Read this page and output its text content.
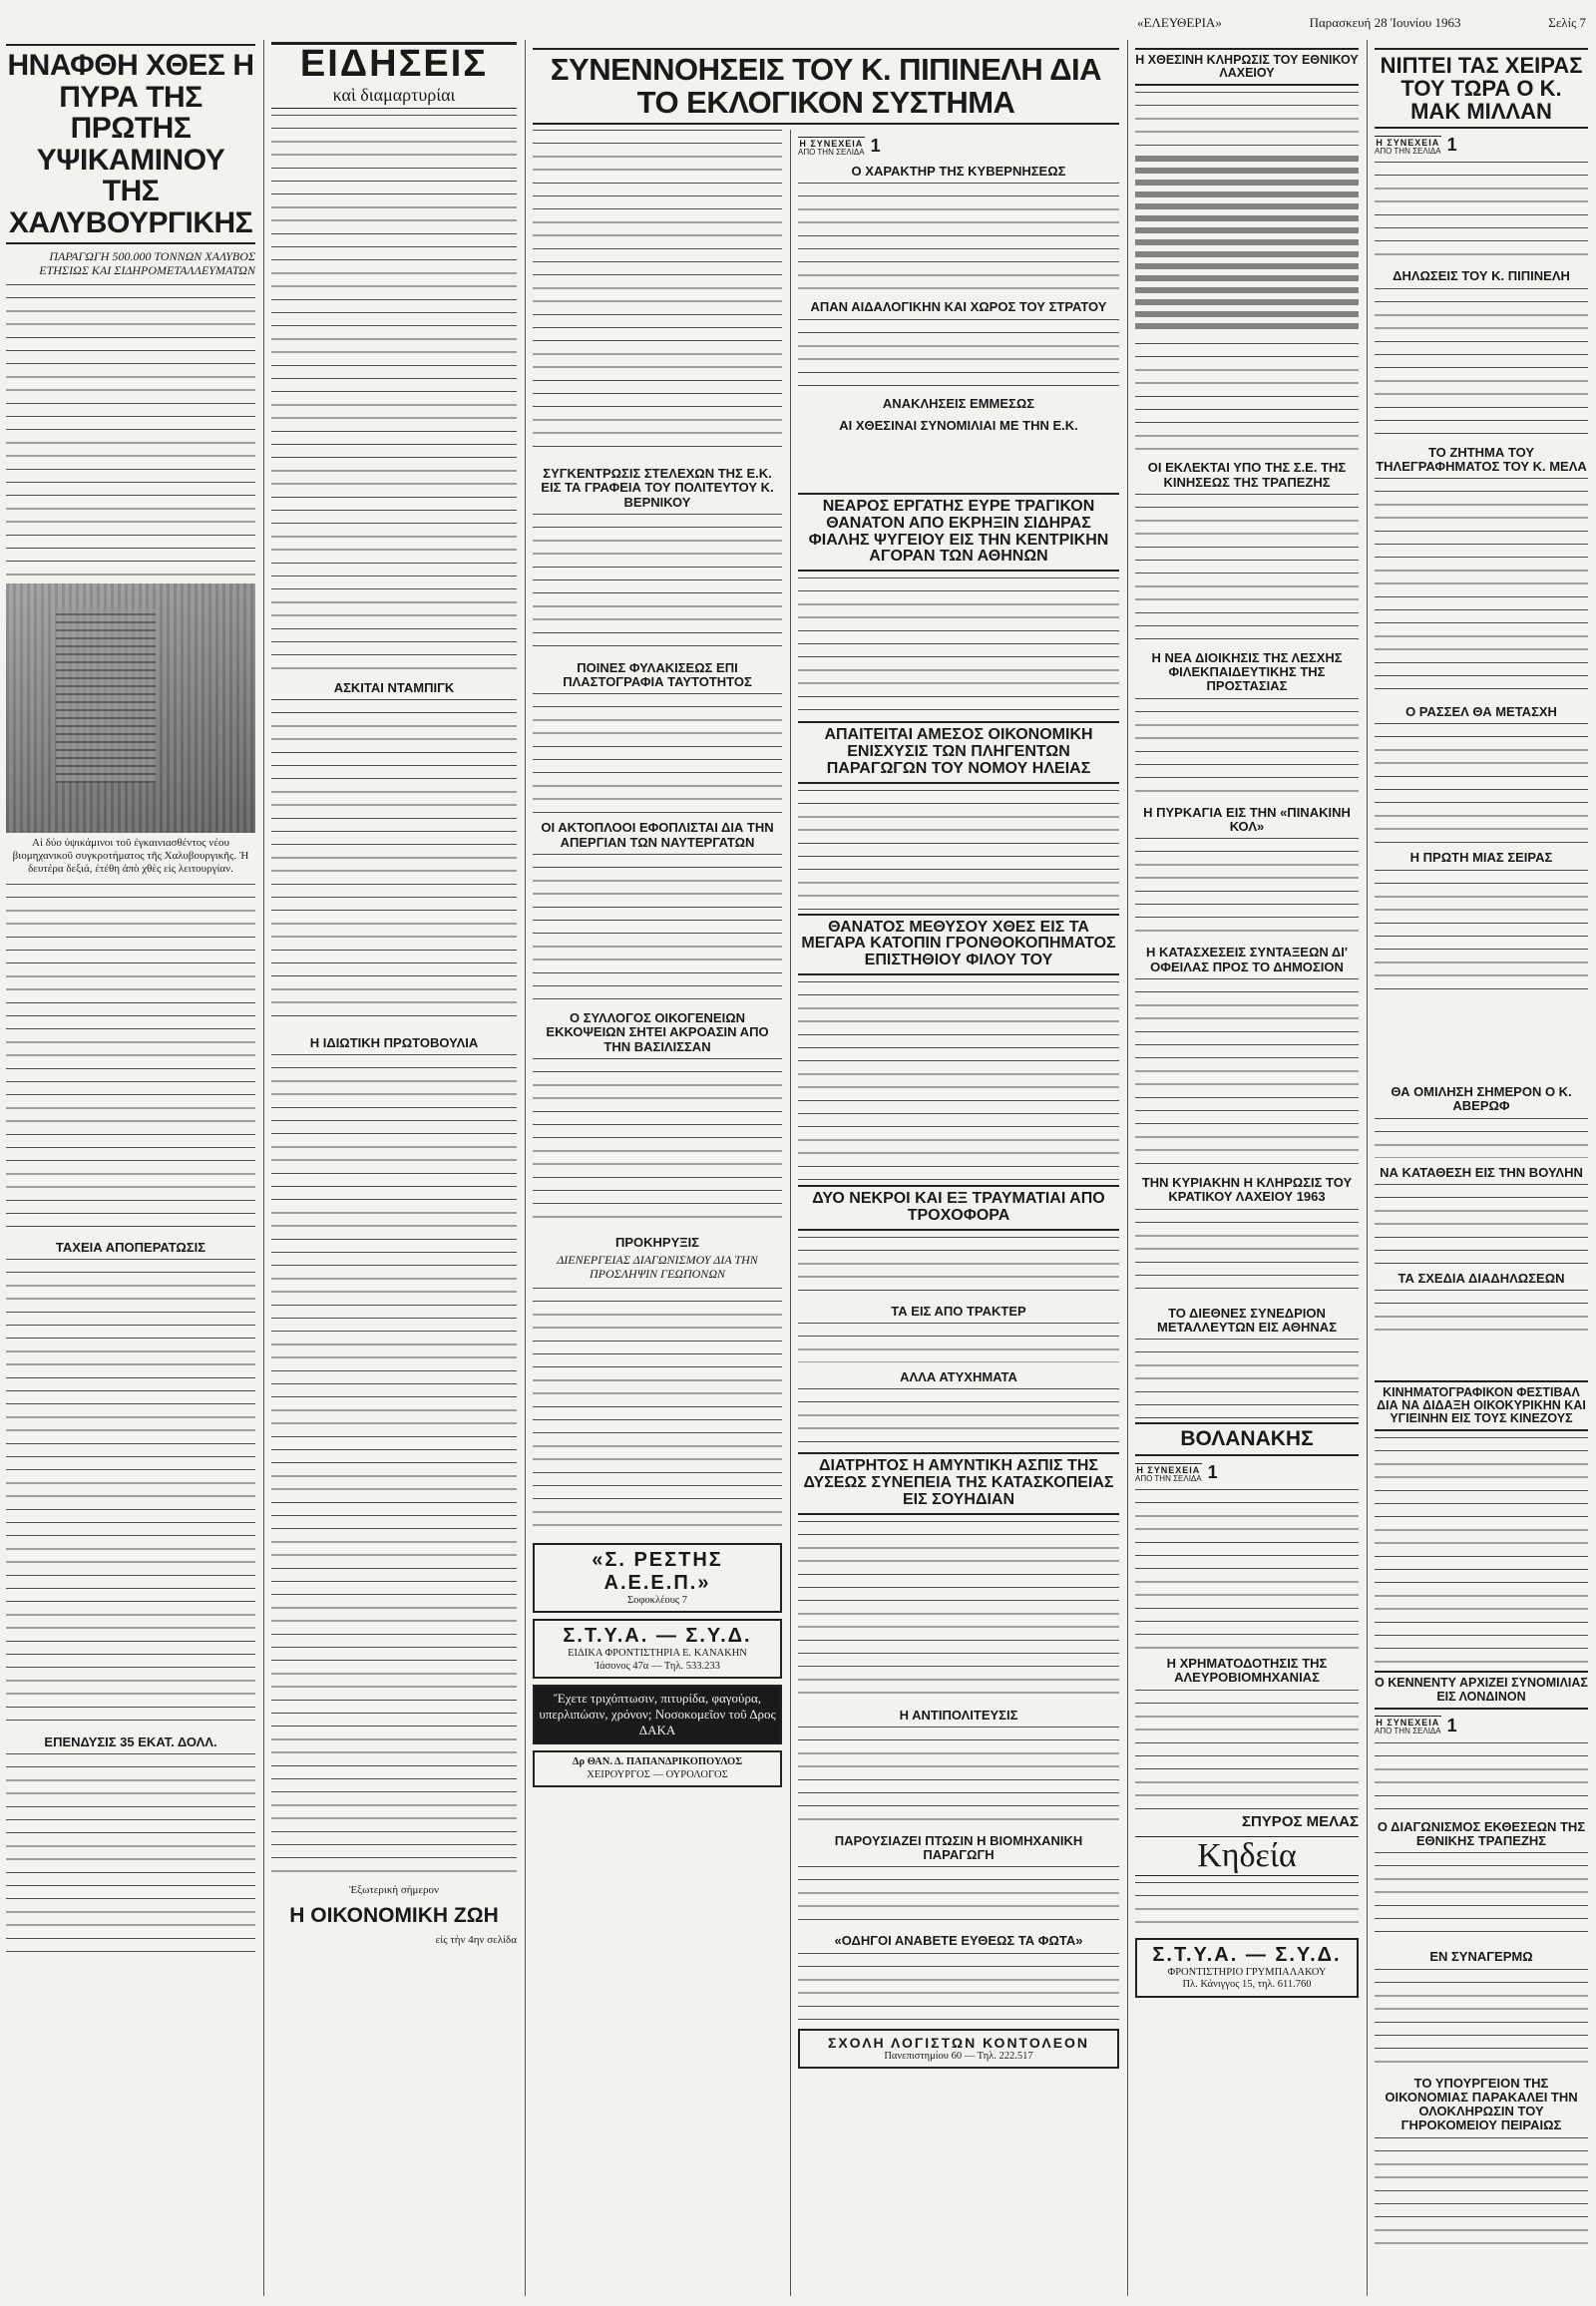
«ΕΛΕΥΘΕΡΙΑ»	Παρασκευή 28 Ἰουνίου 1963	Σελίς 7
ΗΝΑΦΘΗ ΧΘΕΣ Η ΠΥΡΑ ΤΗΣ ΠΡΩΤΗΣ ΥΨΙΚΑΜΙΝΟΥ ΤΗΣ ΧΑΛΥΒΟΥΡΓΙΚΗΣ
ΠΑΡΑΓΩΓΗ 500.000 ΤΟΝΝΩΝ ΧΑΛΥΒΟΣ ΕΤΗΣΙΩΣ ΚΑΙ ΣΙΔΗΡΟΜΕΤΑΛΛΕΥΜΑΤΩΝ
Αἱ δύο ὑψικάμινοι τοῦ ἐγκαινιασθέντος νέου βιομηχανικοῦ συγκροτήματος τῆς Χαλυβουργικῆς. Ἡ δευτέρα δεξιά, ἐτέθη ἀπὸ χθὲς εἰς λειτουργίαν.
ΤΑΧΕΙΑ ΑΠΟΠΕΡΑΤΩΣΙΣ
ΕΠΕΝΔΥΣΙΣ 35 ΕΚΑΤ. ΔΟΛΛ.
ΕΙΔΗΣΕΙΣ
καὶ διαμαρτυρίαι
ΑΣΚΙΤΑΙ ΝΤΑΜΠΙΓΚ
Η ΙΔΙΩΤΙΚΗ ΠΡΩΤΟΒΟΥΛΙΑ
Ἐξωτερικὴ σήμερον
Η ΟΙΚΟΝΟΜΙΚΗ ΖΩΗ
εἰς τὴν 4ην σελίδα
ΣΥΓΚΕΝΤΡΩΣΙΣ ΣΤΕΛΕΧΩΝ ΤΗΣ Ε.Κ. ΕΙΣ ΤΑ ΓΡΑΦΕΙΑ ΤΟΥ ΠΟΛΙΤΕΥΤΟΥ Κ. ΒΕΡΝΙΚΟΥ
ΠΟΙΝΕΣ ΦΥΛΑΚΙΣΕΩΣ ΕΠΙ ΠΛΑΣΤΟΓΡΑΦΙΑ ΤΑΥΤΟΤΗΤΟΣ
ΟΙ ΑΚΤΟΠΛΟΟΙ ΕΦΟΠΛΙΣΤΑΙ ΔΙΑ ΤΗΝ ΑΠΕΡΓΙΑΝ ΤΩΝ ΝΑΥΤΕΡΓΑΤΩΝ
Ο ΣΥΛΛΟΓΟΣ ΟΙΚΟΓΕΝΕΙΩΝ ΕΚΚΟΨΕΙΩΝ ΣΗΤΕΙ ΑΚΡΟΑΣΙΝ ΑΠΟ ΤΗΝ ΒΑΣΙΛΙΣΣΑΝ
ΠΡΟΚΗΡΥΞΙΣ
ΔΙΕΝΕΡΓΕΙΑΣ ΔΙΑΓΩΝΙΣΜΟΥ ΔΙΑ ΤΗΝ ΠΡΟΣΛΗΨΙΝ ΓΕΩΠΟΝΩΝ
«Σ. ΡΕΣΤΗΣ Α.Ε.Ε.Π.»
Σοφοκλέους 7
Σ.Τ.Υ.Α. — Σ.Υ.Δ.
ΕΙΔΙΚΑ ΦΡΟΝΤΙΣΤΗΡΙΑ Ε. ΚΑΝΑΚΗΝ
Ἰάσονος 47α — Τηλ. 533.233
Ἔχετε τριχόπτωσιν, πιτυρίδα, φαγούρα, υπερλιπώσιν, χρόνον; Νοσοκομεῖον τοῦ Δρος ΔΑΚΑ
Δρ ΘΑΝ. Δ. ΠΑΠΑΝΔΡΙΚΟΠΟΥΛΟΣ
ΧΕΙΡΟΥΡΓΟΣ — ΟΥΡΟΛΟΓΟΣ
ΣΥΝΕΝΝΟΗΣΕΙΣ ΤΟΥ Κ. ΠΙΠΙΝΕΛΗ ΔΙΑ ΤΟ ΕΚΛΟΓΙΚΟΝ ΣΥΣΤΗΜΑ
Η ΣΥΝΕΧΕΙΑ
ΑΠΟ ΤΗΝ ΣΕΛΙΔΑ 1
Ο ΧΑΡΑΚΤΗΡ ΤΗΣ ΚΥΒΕΡΝΗΣΕΩΣ
ΑΠΑΝ ΑΙΔΑΛΟΓΙΚΗΝ ΚΑΙ ΧΩΡΟΣ ΤΟΥ ΣΤΡΑΤΟΥ
ΑΝΑΚΛΗΣΕΙΣ ΕΜΜΕΣΩΣ
ΑΙ ΧΘΕΣΙΝΑΙ ΣΥΝΟΜΙΛΙΑΙ ΜΕ ΤΗΝ Ε.Κ.
ΝΕΑΡΟΣ ΕΡΓΑΤΗΣ ΕΥΡΕ ΤΡΑΓΙΚΟΝ ΘΑΝΑΤΟΝ ΑΠΟ ΕΚΡΗΞΙΝ ΣΙΔΗΡΑΣ ΦΙΑΛΗΣ ΨΥΓΕΙΟΥ ΕΙΣ ΤΗΝ ΚΕΝΤΡΙΚΗΝ ΑΓΟΡΑΝ ΤΩΝ ΑΘΗΝΩΝ
ΑΠΑΙΤΕΙΤΑΙ ΑΜΕΣΟΣ ΟΙΚΟΝΟΜΙΚΗ ΕΝΙΣΧΥΣΙΣ ΤΩΝ ΠΛΗΓΕΝΤΩΝ ΠΑΡΑΓΩΓΩΝ ΤΟΥ ΝΟΜΟΥ ΗΛΕΙΑΣ
ΘΑΝΑΤΟΣ ΜΕΘΥΣΟΥ ΧΘΕΣ ΕΙΣ ΤΑ ΜΕΓΑΡΑ ΚΑΤΟΠΙΝ ΓΡΟΝΘΟΚΟΠΗΜΑΤΟΣ ΕΠΙΣΤΗΘΙΟΥ ΦΙΛΟΥ ΤΟΥ
ΔΥΟ ΝΕΚΡΟΙ ΚΑΙ ΕΞ ΤΡΑΥΜΑΤΙΑΙ ΑΠΟ ΤΡΟΧΟΦΟΡΑ
ΤΑ ΕΙΣ ΑΠΟ ΤΡΑΚΤΕΡ
ΑΛΛΑ ΑΤΥΧΗΜΑΤΑ
ΔΙΑΤΡΗΤΟΣ Η ΑΜΥΝΤΙΚΗ ΑΣΠΙΣ ΤΗΣ ΔΥΣΕΩΣ ΣΥΝΕΠΕΙΑ ΤΗΣ ΚΑΤΑΣΚΟΠΕΙΑΣ ΕΙΣ ΣΟΥΗΔΙΑΝ
Η ΑΝΤΙΠΟΛΙΤΕΥΣΙΣ
ΠΑΡΟΥΣΙΑΖΕΙ ΠΤΩΣΙΝ Η ΒΙΟΜΗΧΑΝΙΚΗ ΠΑΡΑΓΩΓΗ
«ΟΔΗΓΟΙ ΑΝΑΒΕΤΕ ΕΥΘΕΩΣ ΤΑ ΦΩΤΑ»
ΣΧΟΛΗ ΛΟΓΙΣΤΩΝ ΚΟΝΤΟΛΕΟΝ
Πανεπιστημίου 60 — Τηλ. 222.517
Η ΧΘΕΣΙΝΗ ΚΛΗΡΩΣΙΣ ΤΟΥ ΕΘΝΙΚΟΥ ΛΑΧΕΙΟΥ
ΟΙ ΕΚΛΕΚΤΑΙ ΥΠΟ ΤΗΣ Σ.Ε. ΤΗΣ ΚΙΝΗΣΕΩΣ ΤΗΣ ΤΡΑΠΕΖΗΣ
Η ΝΕΑ ΔΙΟΙΚΗΣΙΣ ΤΗΣ ΛΕΣΧΗΣ ΦΙΛΕΚΠΑΙΔΕΥΤΙΚΗΣ ΤΗΣ ΠΡΟΣΤΑΣΙΑΣ
Η ΠΥΡΚΑΓΙΑ ΕΙΣ ΤΗΝ «ΠΙΝΑΚΙΝΗ ΚΟΛ»
Η ΚΑΤΑΣΧΕΣΕΙΣ ΣΥΝΤΑΞΕΩΝ ΔΙ' ΟΦΕΙΛΑΣ ΠΡΟΣ ΤΟ ΔΗΜΟΣΙΟΝ
ΤΗΝ ΚΥΡΙΑΚΗΝ Η ΚΛΗΡΩΣΙΣ ΤΟΥ ΚΡΑΤΙΚΟΥ ΛΑΧΕΙΟΥ 1963
ΤΟ ΔΙΕΘΝΕΣ ΣΥΝΕΔΡΙΟΝ ΜΕΤΑΛΛΕΥΤΩΝ ΕΙΣ ΑΘΗΝΑΣ
ΒΟΛΑΝΑΚΗΣ
Η ΣΥΝΕΧΕΙΑ
ΑΠΟ ΤΗΝ ΣΕΛΙΔΑ 1
Η ΧΡΗΜΑΤΟΔΟΤΗΣΙΣ ΤΗΣ ΑΛΕΥΡΟΒΙΟΜΗΧΑΝΙΑΣ
ΣΠΥΡΟΣ ΜΕΛΑΣ
Κηδεία
Σ.Τ.Υ.Α. — Σ.Υ.Δ.
ΦΡΟΝΤΙΣΤΗΡΙΟ ΓΡΥΜΠΑΛΑΚΟΥ
Πλ. Κάνιγγος 15, τηλ. 611.760
ΝΙΠΤΕΙ ΤΑΣ ΧΕΙΡΑΣ ΤΟΥ ΤΩΡΑ Ο Κ. ΜΑΚ ΜΙΛΛΑΝ
Η ΣΥΝΕΧΕΙΑ
ΑΠΟ ΤΗΝ ΣΕΛΙΔΑ 1
ΔΗΛΩΣΕΙΣ ΤΟΥ Κ. ΠΙΠΙΝΕΛΗ
ΤΟ ΖΗΤΗΜΑ ΤΟΥ ΤΗΛΕΓΡΑΦΗΜΑΤΟΣ ΤΟΥ Κ. ΜΕΛΑ
Ο ΡΑΣΣΕΛ ΘΑ ΜΕΤΑΣΧΗ
Η ΠΡΩΤΗ ΜΙΑΣ ΣΕΙΡΑΣ
ΘΑ ΟΜΙΛΗΣΗ ΣΗΜΕΡΟΝ Ο Κ. ΑΒΕΡΩΦ
ΝΑ ΚΑΤΑΘΕΣΗ ΕΙΣ ΤΗΝ ΒΟΥΛΗΝ
ΤΑ ΣΧΕΔΙΑ ΔΙΑΔΗΛΩΣΕΩΝ
ΚΙΝΗΜΑΤΟΓΡΑΦΙΚΟΝ ΦΕΣΤΙΒΑΛ ΔΙΑ ΝΑ ΔΙΔΑΞΗ ΟΙΚΟΚΥΡΙΚΗΝ ΚΑΙ ΥΓΙΕΙΝΗΝ ΕΙΣ ΤΟΥΣ ΚΙΝΕΖΟΥΣ
Ο ΚΕΝΝΕΝΤΥ ΑΡΧΙΖΕΙ ΣΥΝΟΜΙΛΙΑΣ ΕΙΣ ΛΟΝΔΙΝΟΝ
Η ΣΥΝΕΧΕΙΑ
ΑΠΟ ΤΗΝ ΣΕΛΙΔΑ 1
Ο ΔΙΑΓΩΝΙΣΜΟΣ ΕΚΘΕΣΕΩΝ ΤΗΣ ΕΘΝΙΚΗΣ ΤΡΑΠΕΖΗΣ
ΕΝ ΣΥΝΑΓΕΡΜΩ
ΤΟ ΥΠΟΥΡΓΕΙΟΝ ΤΗΣ ΟΙΚΟΝΟΜΙΑΣ ΠΑΡΑΚΑΛΕΙ ΤΗΝ ΟΛΟΚΛΗΡΩΣΙΝ ΤΟΥ ΓΗΡΟΚΟΜΕΙΟΥ ΠΕΙΡΑΙΩΣ
